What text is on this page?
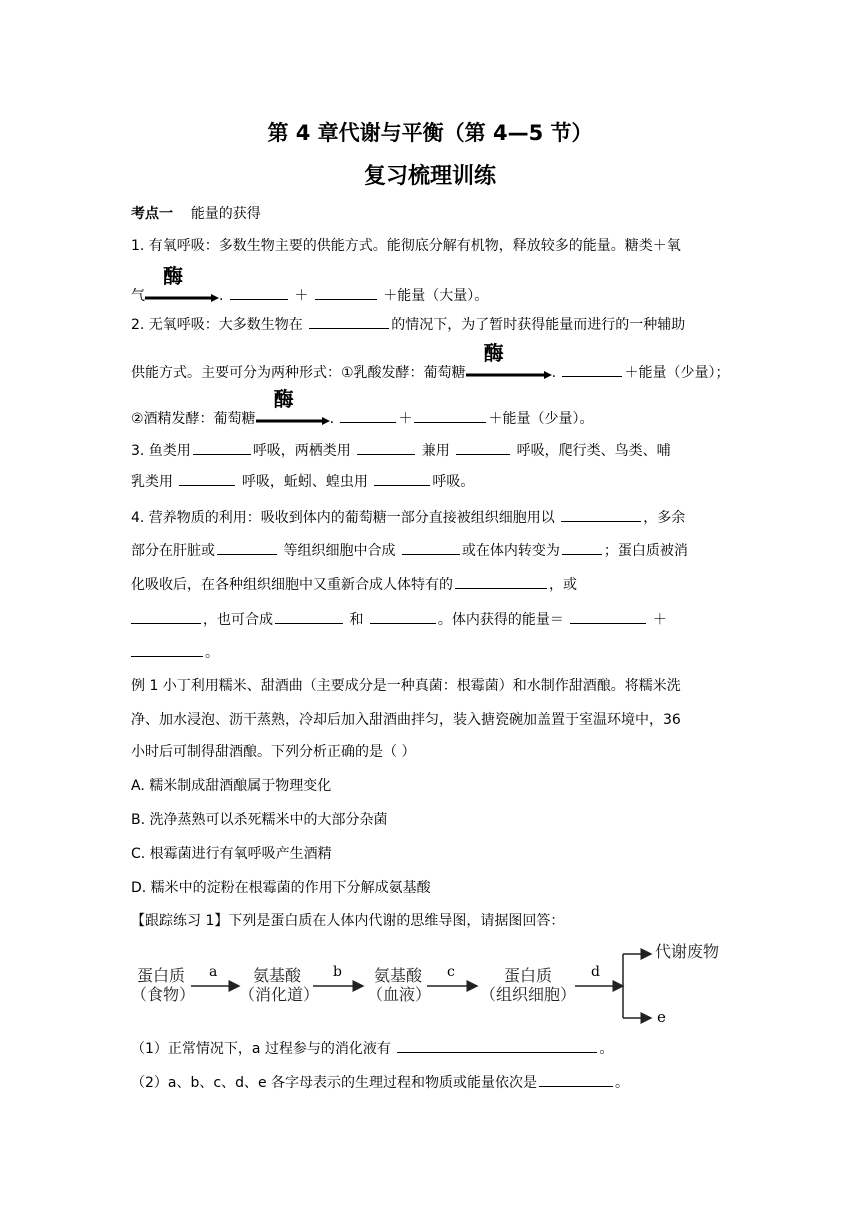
第 4 章代谢与平衡（第 4—5 节）
复习梳理训练
考点一 能量的获得
1. 有氧呼吸：多数生物主要的供能方式。能彻底分解有机物，释放较多的能量。糖类＋氧
气
酶
.	＋	＋能量（大量）。
2. 无氧呼吸：大多数生物在	的情况下，为了暂时获得能量而进行的一种辅助
供能方式。主要可分为两种形式：①乳酸发酵：葡萄糖
酶
.	＋能量（少量）；
②酒精发酵：葡萄糖
酶
.	＋	＋能量（少量）。
3. 鱼类用	呼吸，两栖类用	兼用	呼吸，爬行类、鸟类、哺
乳类用	呼吸，蚯蚓、蝗虫用	呼吸。
4. 营养物质的利用：吸收到体内的葡萄糖一部分直接被组织细胞用以	，多余
部分在肝脏或	等组织细胞中合成	或在体内转变为	；蛋白质被消
化吸收后，在各种组织细胞中又重新合成人体特有的	，或
，也可合成	和	。体内获得的能量＝	＋
。
例 1 小丁利用糯米、甜酒曲（主要成分是一种真菌：根霉菌）和水制作甜酒酿。将糯米洗
净、加水浸泡、沥干蒸熟，冷却后加入甜酒曲拌匀，装入搪瓷碗加盖置于室温环境中，36
小时后可制得甜酒酿。下列分析正确的是（ ）
A. 糯米制成甜酒酿属于物理变化
B. 洗净蒸熟可以杀死糯米中的大部分杂菌
C. 根霉菌进行有氧呼吸产生酒精
D. 糯米中的淀粉在根霉菌的作用下分解成氨基酸
【跟踪练习 1】下列是蛋白质在人体内代谢的思维导图，请据图回答：
蛋白质
（食物）
氨基酸
（消化道）
氨基酸
（血液）
蛋白质
（组织细胞）
a	b	c	d
代谢废物
e
（1）正常情况下，a 过程参与的消化液有	。
（2）a、b、c、d、e 各字母表示的生理过程和物质或能量依次是	。
